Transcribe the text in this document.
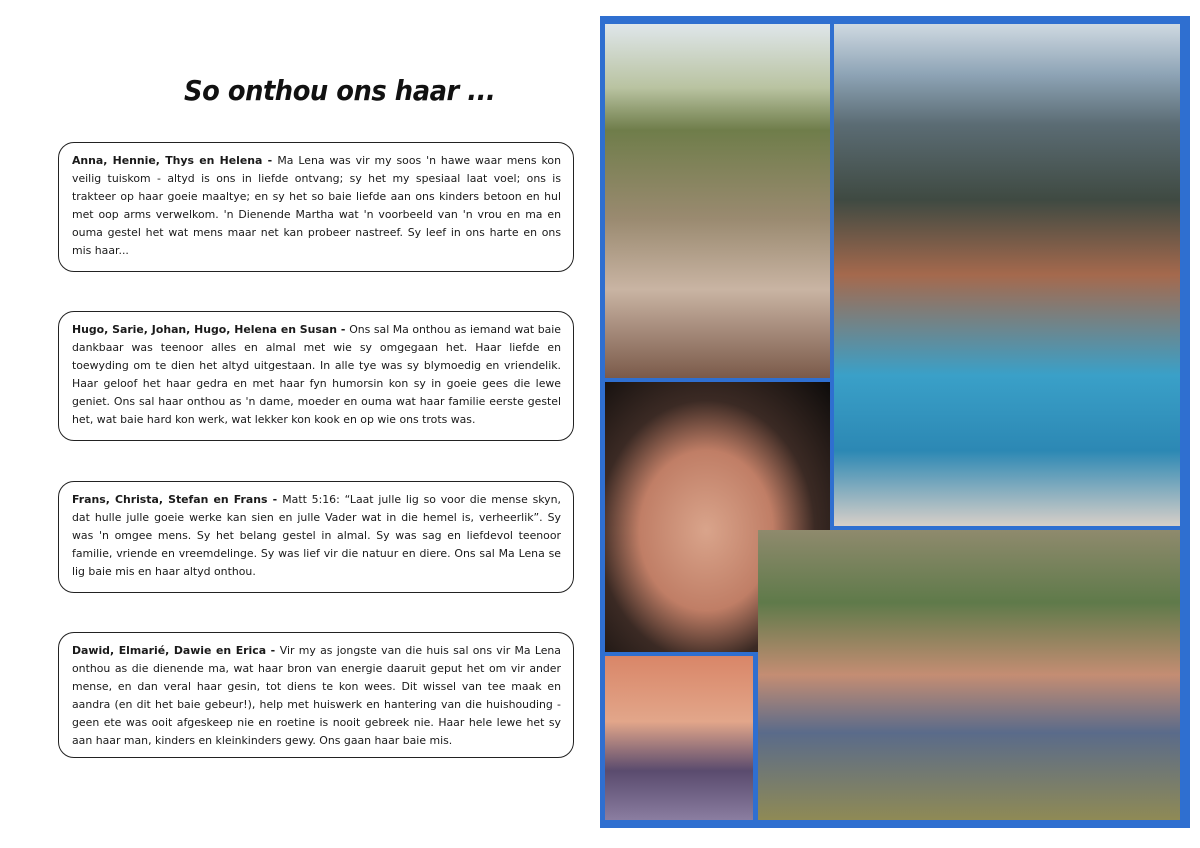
So onthou ons haar ...
Anna, Hennie, Thys en Helena - Ma Lena was vir my soos 'n hawe waar mens kon veilig tuiskom - altyd is ons in liefde ontvang; sy het my spesiaal laat voel; ons is trakteer op haar goeie maaltye; en sy het so baie liefde aan ons kinders betoon en hul met oop arms verwelkom. 'n Dienende Martha wat 'n voorbeeld van 'n vrou en ma en ouma gestel het wat mens maar net kan probeer nastreef. Sy leef in ons harte en ons mis haar...
Hugo, Sarie, Johan, Hugo, Helena en Susan - Ons sal Ma onthou as iemand wat baie dankbaar was teenoor alles en almal met wie sy omgegaan het. Haar liefde en toewyding om te dien het altyd uitgestaan. In alle tye was sy blymoedig en vriendelik. Haar geloof het haar gedra en met haar fyn humorsin kon sy in goeie gees die lewe geniet. Ons sal haar onthou as 'n dame, moeder en ouma wat haar familie eerste gestel het, wat baie hard kon werk, wat lekker kon kook en op wie ons trots was.
Frans, Christa, Stefan en Frans - Matt 5:16: “Laat julle lig so voor die mense skyn, dat hulle julle goeie werke kan sien en julle Vader wat in die hemel is, verheerlik”. Sy was 'n omgee mens. Sy het belang gestel in almal. Sy was sag en liefdevol teenoor familie, vriende en vreemdelinge. Sy was lief vir die natuur en diere. Ons sal Ma Lena se lig baie mis en haar altyd onthou.
Dawid, Elmarié, Dawie en Erica - Vir my as jongste van die huis sal ons vir Ma Lena onthou as die dienende ma, wat haar bron van energie daaruit geput het om vir ander mense, en dan veral haar gesin, tot diens te kon wees. Dit wissel van tee maak en aandra (en dit het baie gebeur!), help met huiswerk en hantering van die huishouding - geen ete was ooit afgeskeep nie en roetine is nooit gebreek nie. Haar hele lewe het sy aan haar man, kinders en kleinkinders gewy. Ons gaan haar baie mis.
